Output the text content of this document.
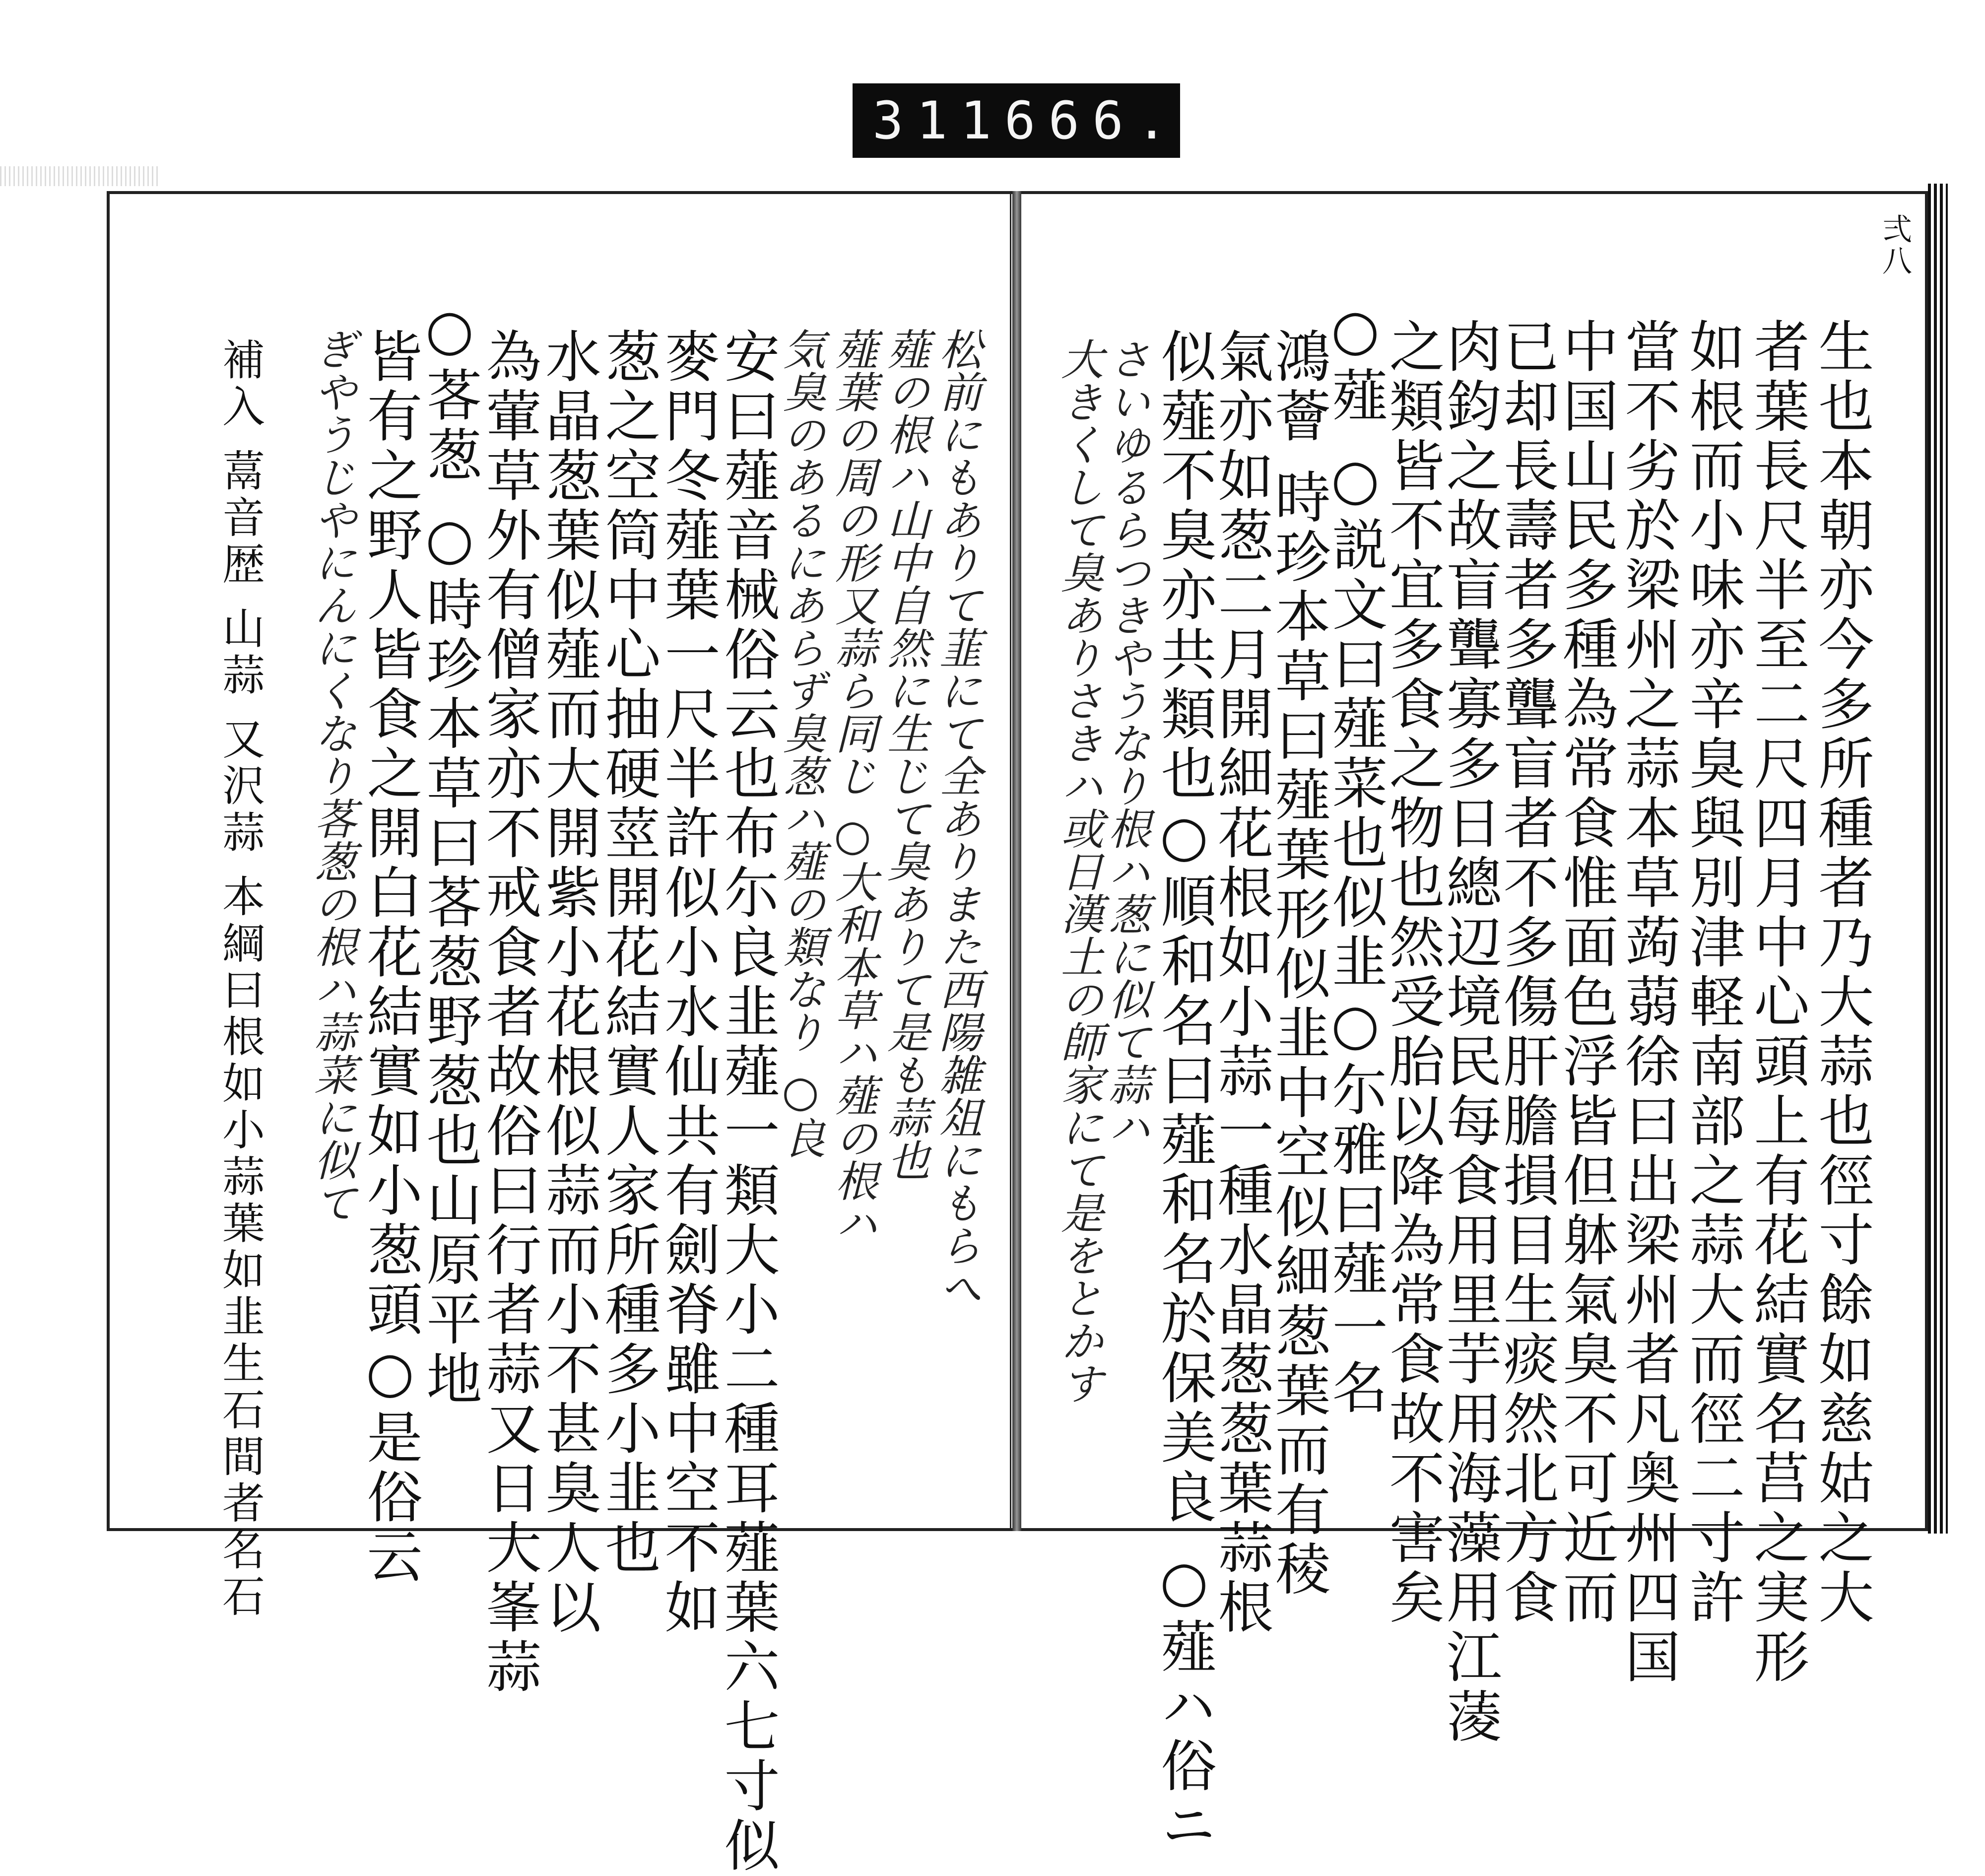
311 666.
弍八
生也本朝亦今多所種者乃大蒜也徑寸餘如慈姑之大
者葉長尺半至二尺四月中心頭上有花結實名莒之実形
如根而小味亦辛臭與別津軽南部之蒜大而徑二寸許
當不劣於梁州之蒜本草蒟蒻徐曰出梁州者凡奥州四国
中国山民多種為常食惟面色浮皆但躰氣臭不可近而
已却長壽者多聾盲者不多傷肝膽損目生痰然北方食
肉鈞之故盲聾寡多日總辺境民每食用里芋用海藻用江蓤
之類皆不宜多食之物也然受胎以降為常食故不害矣
○薤 ○説文曰薤菜也似韭○尓雅曰薤一名
鴻薈 時珍本草曰薤葉形似韭中空似細葱葉而有稜
氣亦如葱二月開細花根如小蒜一種水晶葱葱葉蒜根
似薤不臭亦共類也○順和名曰薤和名於保美良 ○薤ハ俗ニ
さいゆるらつきやうなり根ハ葱に似て蒜ハ
大きくして臭ありさきハ或日漢土の師家にて是をとかす
松前にもありて韮にて全ありまた西陽雑俎にもらへ
薤の根ハ山中自然に生じて臭ありて是も蒜也
薤葉の周の形又蒜ら同じ ○大和本草ハ薤の根ハ
気臭のあるにあらず臭葱ハ薤の類なり ○良
安曰薤音械俗云也布尓良韭薤一類大小二種耳薤葉六七寸似
麥門冬薤葉一尺半許似小水仙共有劍脊雖中空不如
葱之空筒中心抽硬莖開花結實人家所種多小韭也
水晶葱葉似薤而大開紫小花根似蒜而小不甚臭人以
為葷草外有僧家亦不戒食者故俗曰行者蒜又日大峯蒜
○茖葱 ○時珍本草曰茖葱野葱也山原平地
皆有之野人皆食之開白花結實如小葱頭○是俗云
ぎやうじやにんにくなり茖葱の根ハ蒜菜に似て
補入 蒚音歴 山蒜 又沢蒜 本綱曰根如小蒜葉如韭生石間者名石
